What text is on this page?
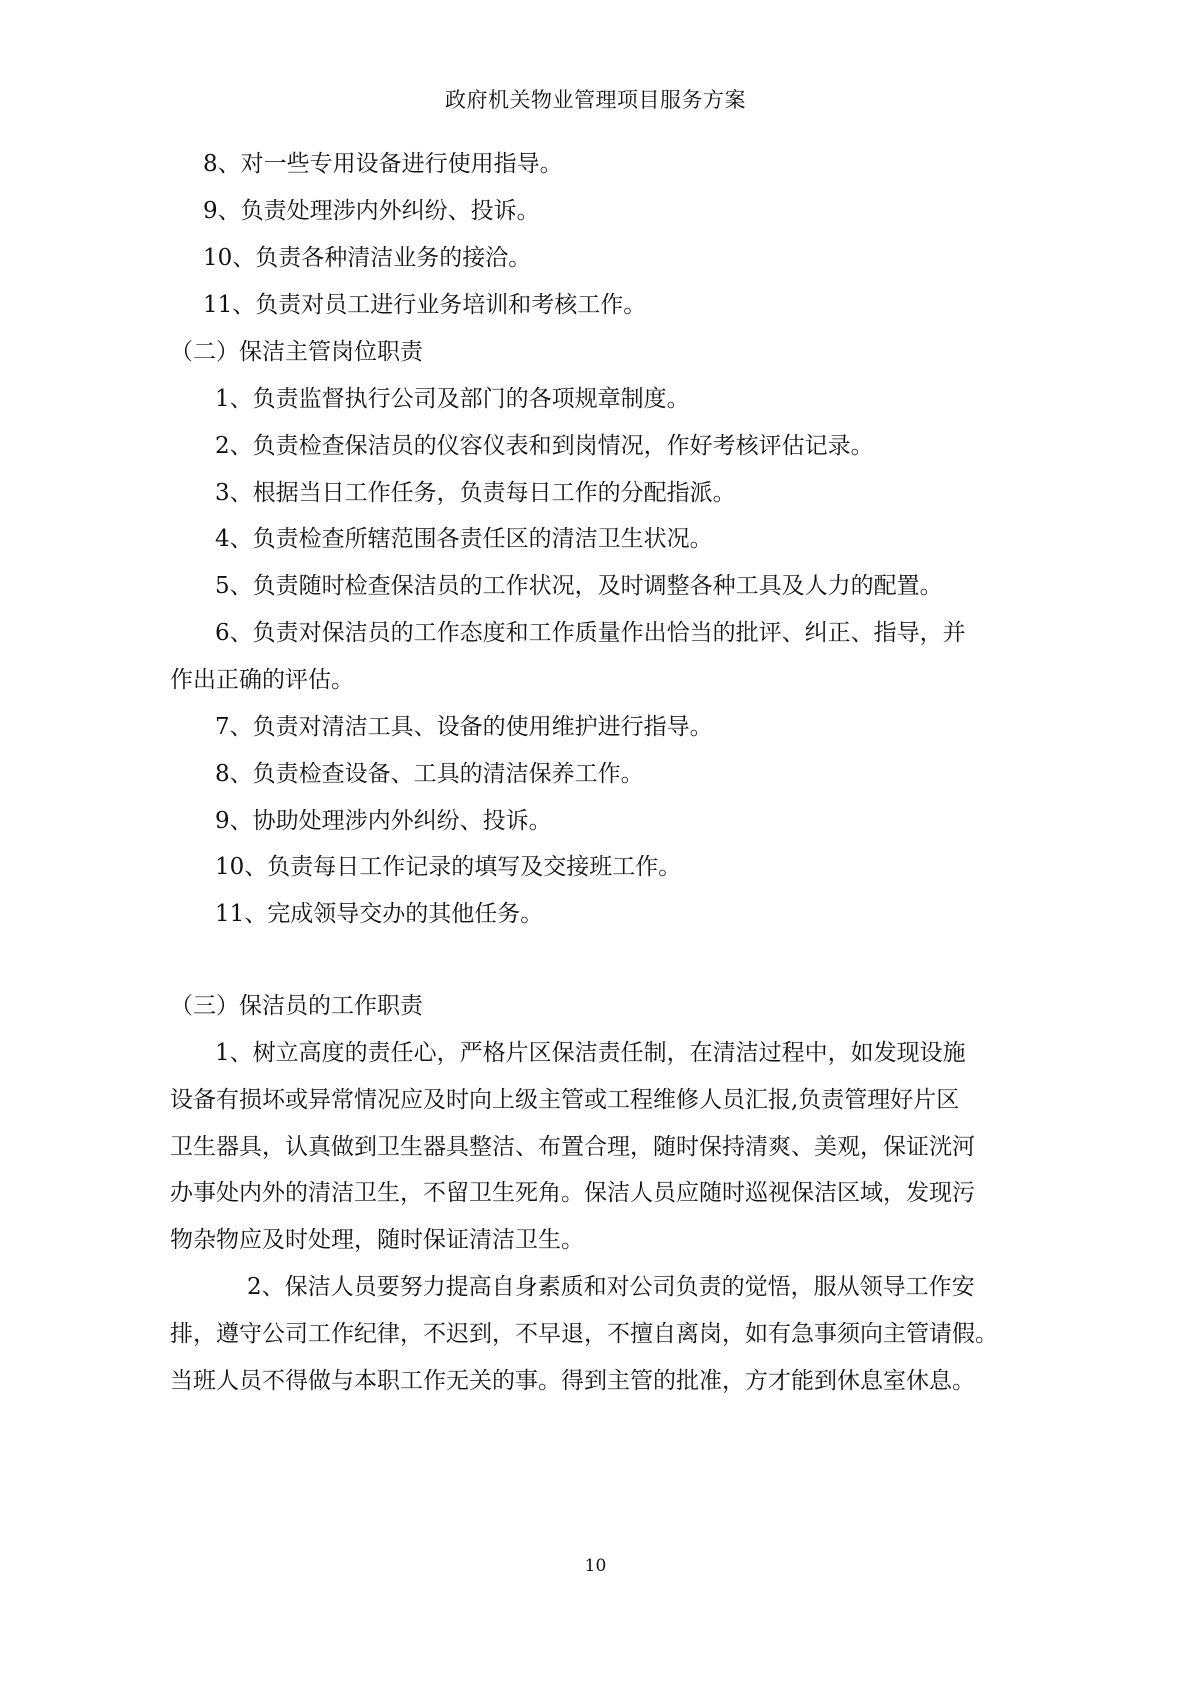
政府机关物业管理项目服务方案
8、对一些专用设备进行使用指导。
9、负责处理涉内外纠纷、投诉。
10、负责各种清洁业务的接洽。
11、负责对员工进行业务培训和考核工作。
（二）保洁主管岗位职责
1、负责监督执行公司及部门的各项规章制度。
2、负责检查保洁员的仪容仪表和到岗情况，作好考核评估记录。
3、根据当日工作任务，负责每日工作的分配指派。
4、负责检查所辖范围各责任区的清洁卫生状况。
5、负责随时检查保洁员的工作状况，及时调整各种工具及人力的配置。
6、负责对保洁员的工作态度和工作质量作出恰当的批评、纠正、指导，并
作出正确的评估。
7、负责对清洁工具、设备的使用维护进行指导。
8、负责检查设备、工具的清洁保养工作。
9、协助处理涉内外纠纷、投诉。
10、负责每日工作记录的填写及交接班工作。
11、完成领导交办的其他任务。
（三）保洁员的工作职责
1、树立高度的责任心，严格片区保洁责任制，在清洁过程中，如发现设施
设备有损坏或异常情况应及时向上级主管或工程维修人员汇报,负责管理好片区
卫生器具，认真做到卫生器具整洁、布置合理，随时保持清爽、美观，保证洸河
办事处内外的清洁卫生，不留卫生死角。保洁人员应随时巡视保洁区域，发现污
物杂物应及时处理，随时保证清洁卫生。
2、保洁人员要努力提高自身素质和对公司负责的觉悟，服从领导工作安
排，遵守公司工作纪律，不迟到，不早退，不擅自离岗，如有急事须向主管请假。
当班人员不得做与本职工作无关的事。得到主管的批准，方才能到休息室休息。
10
